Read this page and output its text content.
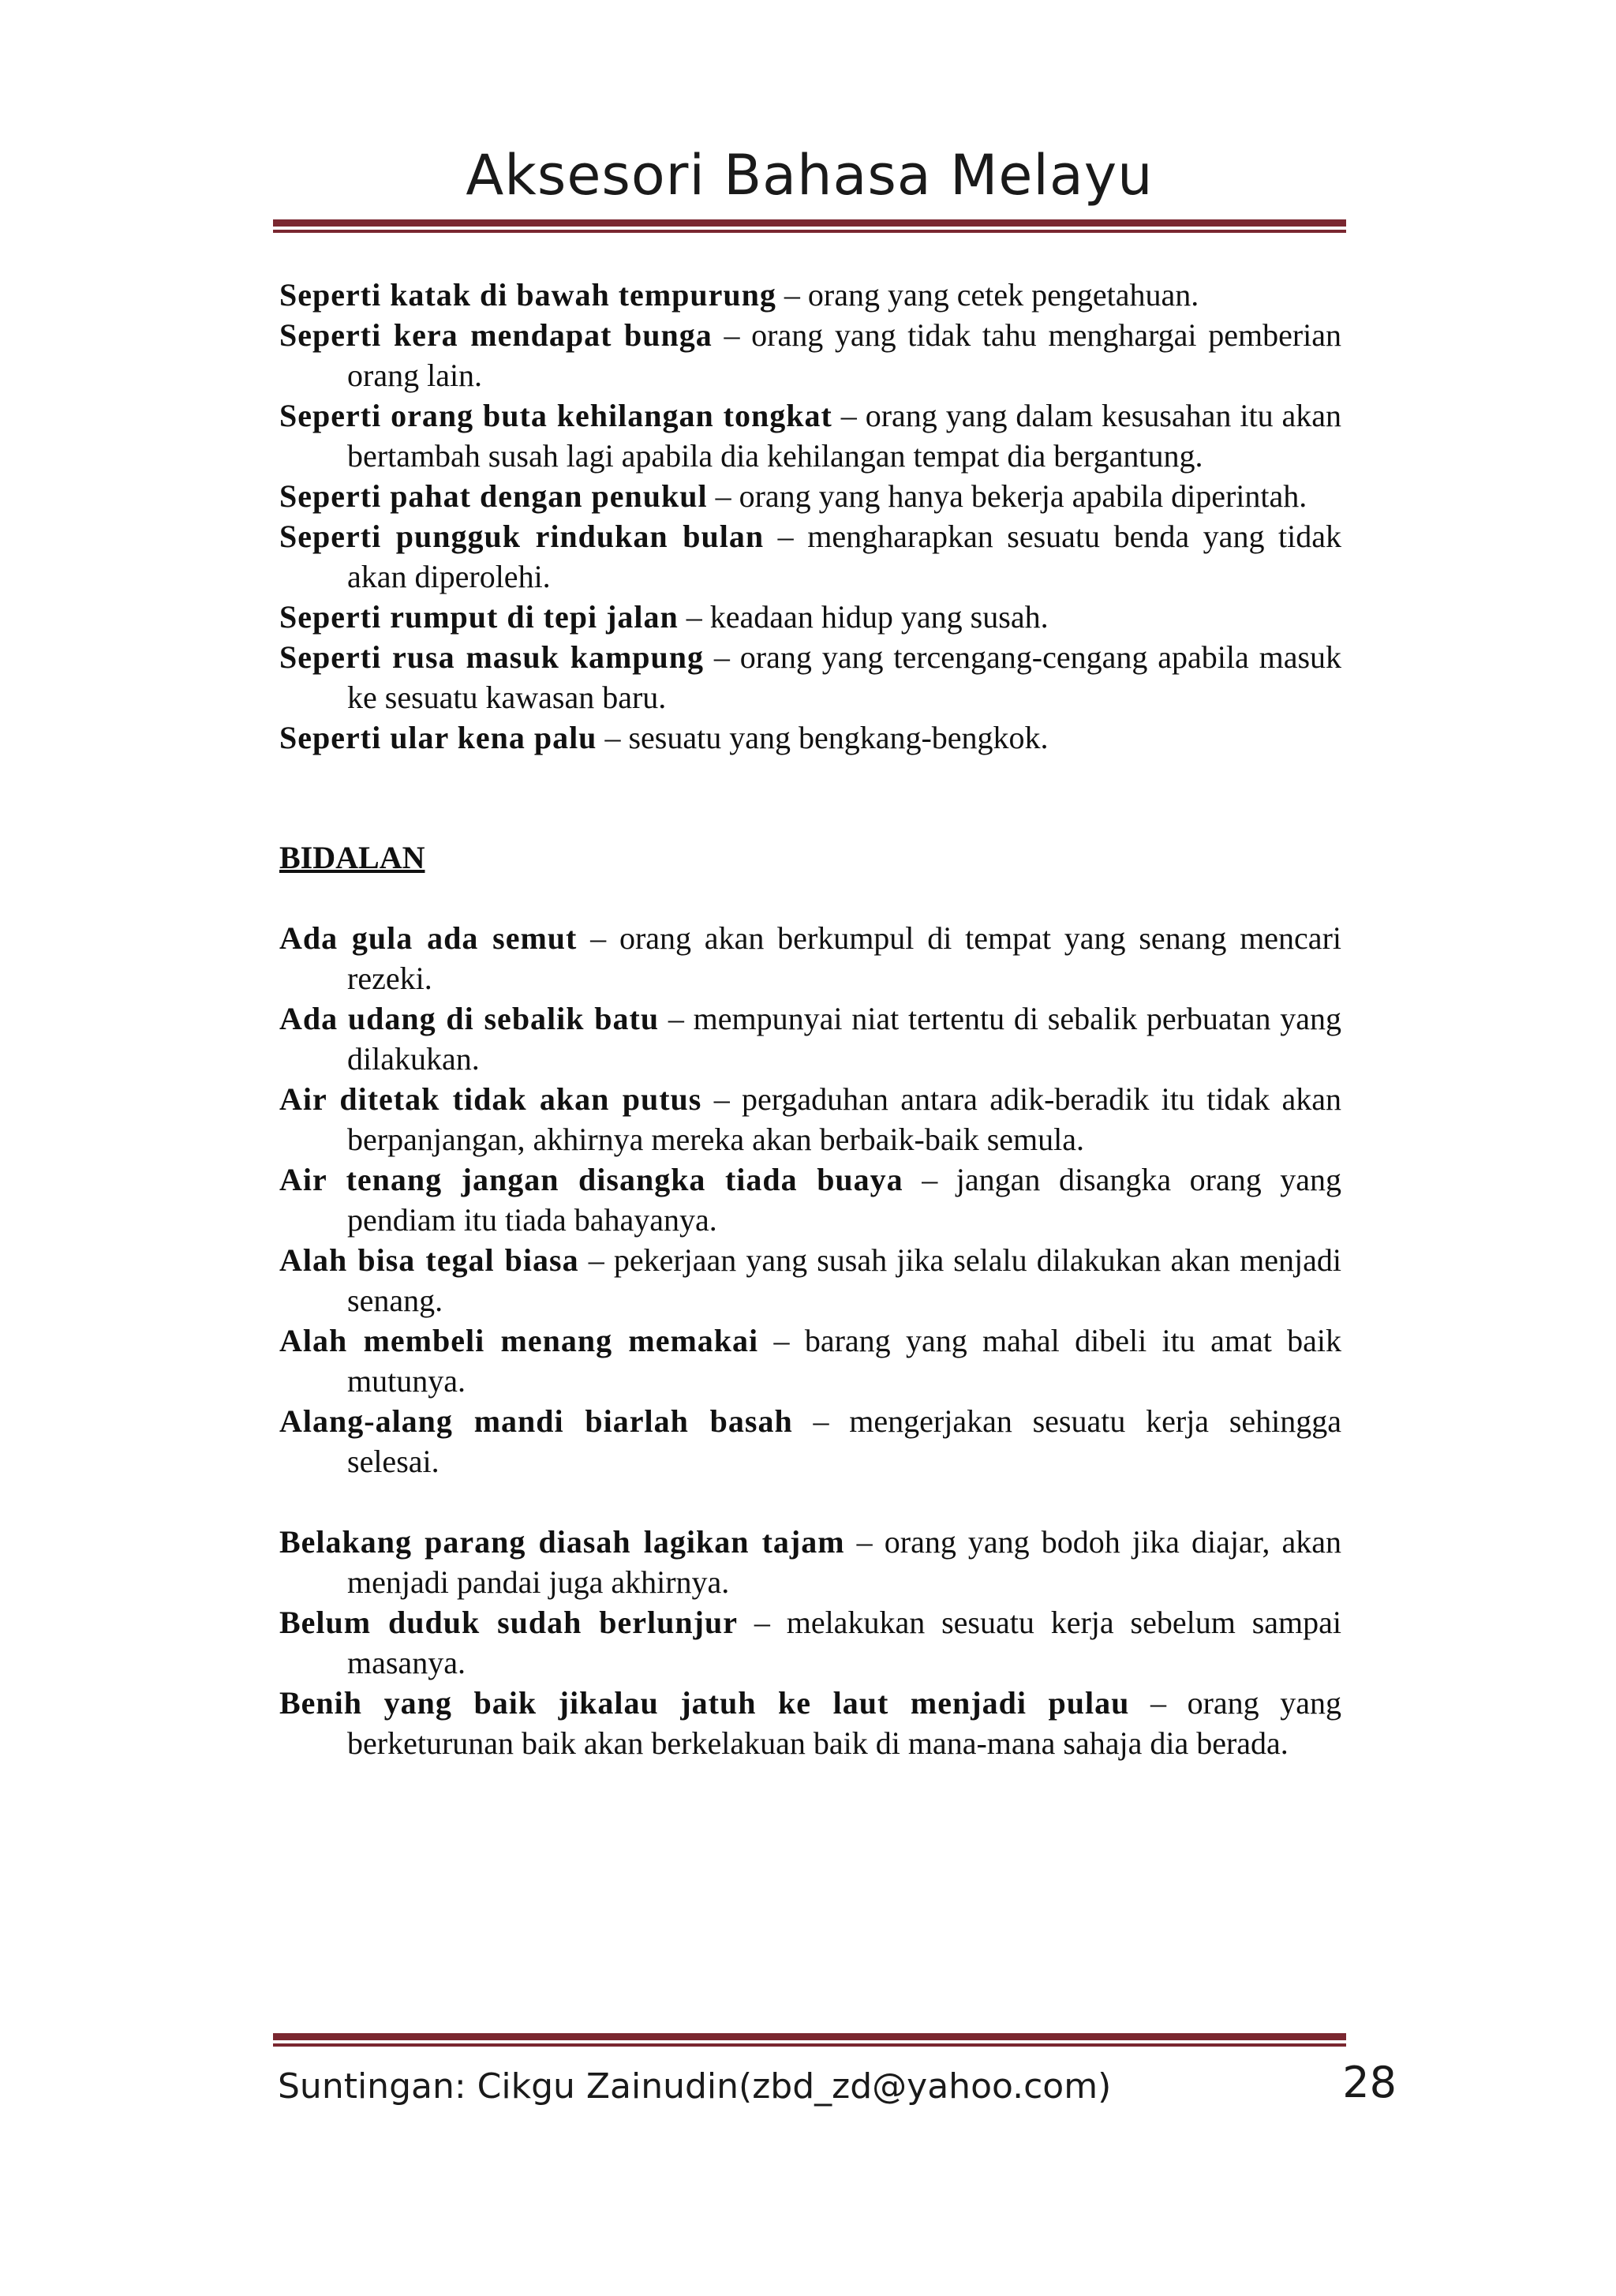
Aksesori Bahasa Melayu
Seperti katak di bawah tempurung – orang yang cetek pengetahuan.
Seperti kera mendapat bunga – orang yang tidak tahu menghargai pemberian orang lain.
Seperti orang buta kehilangan tongkat – orang yang dalam kesusahan itu akan bertambah susah lagi apabila dia kehilangan tempat dia bergantung.
Seperti pahat dengan penukul – orang yang hanya bekerja apabila diperintah.
Seperti pungguk rindukan bulan – mengharapkan sesuatu benda yang tidak akan diperolehi.
Seperti rumput di tepi jalan – keadaan hidup yang susah.
Seperti rusa masuk kampung – orang yang tercengang-cengang apabila masuk ke sesuatu kawasan baru.
Seperti ular kena palu – sesuatu yang bengkang-bengkok.
BIDALAN
Ada gula ada semut – orang akan berkumpul di tempat yang senang mencari rezeki.
Ada udang di sebalik batu – mempunyai niat tertentu di sebalik perbuatan yang dilakukan.
Air ditetak tidak akan putus – pergaduhan antara adik-beradik itu tidak akan berpanjangan, akhirnya mereka akan berbaik-baik semula.
Air tenang jangan disangka tiada buaya – jangan disangka orang yang pendiam itu tiada bahayanya.
Alah bisa tegal biasa – pekerjaan yang susah jika selalu dilakukan akan menjadi senang.
Alah membeli menang memakai – barang yang mahal dibeli itu amat baik mutunya.
Alang-alang mandi biarlah basah – mengerjakan sesuatu kerja sehingga selesai.
Belakang parang diasah lagikan tajam – orang yang bodoh jika diajar, akan menjadi pandai juga akhirnya.
Belum duduk sudah berlunjur – melakukan sesuatu kerja sebelum sampai masanya.
Benih yang baik jikalau jatuh ke laut menjadi pulau – orang yang berketurunan baik akan berkelakuan baik di mana-mana sahaja dia berada.
Suntingan: Cikgu Zainudin(zbd_zd@yahoo.com)	28
